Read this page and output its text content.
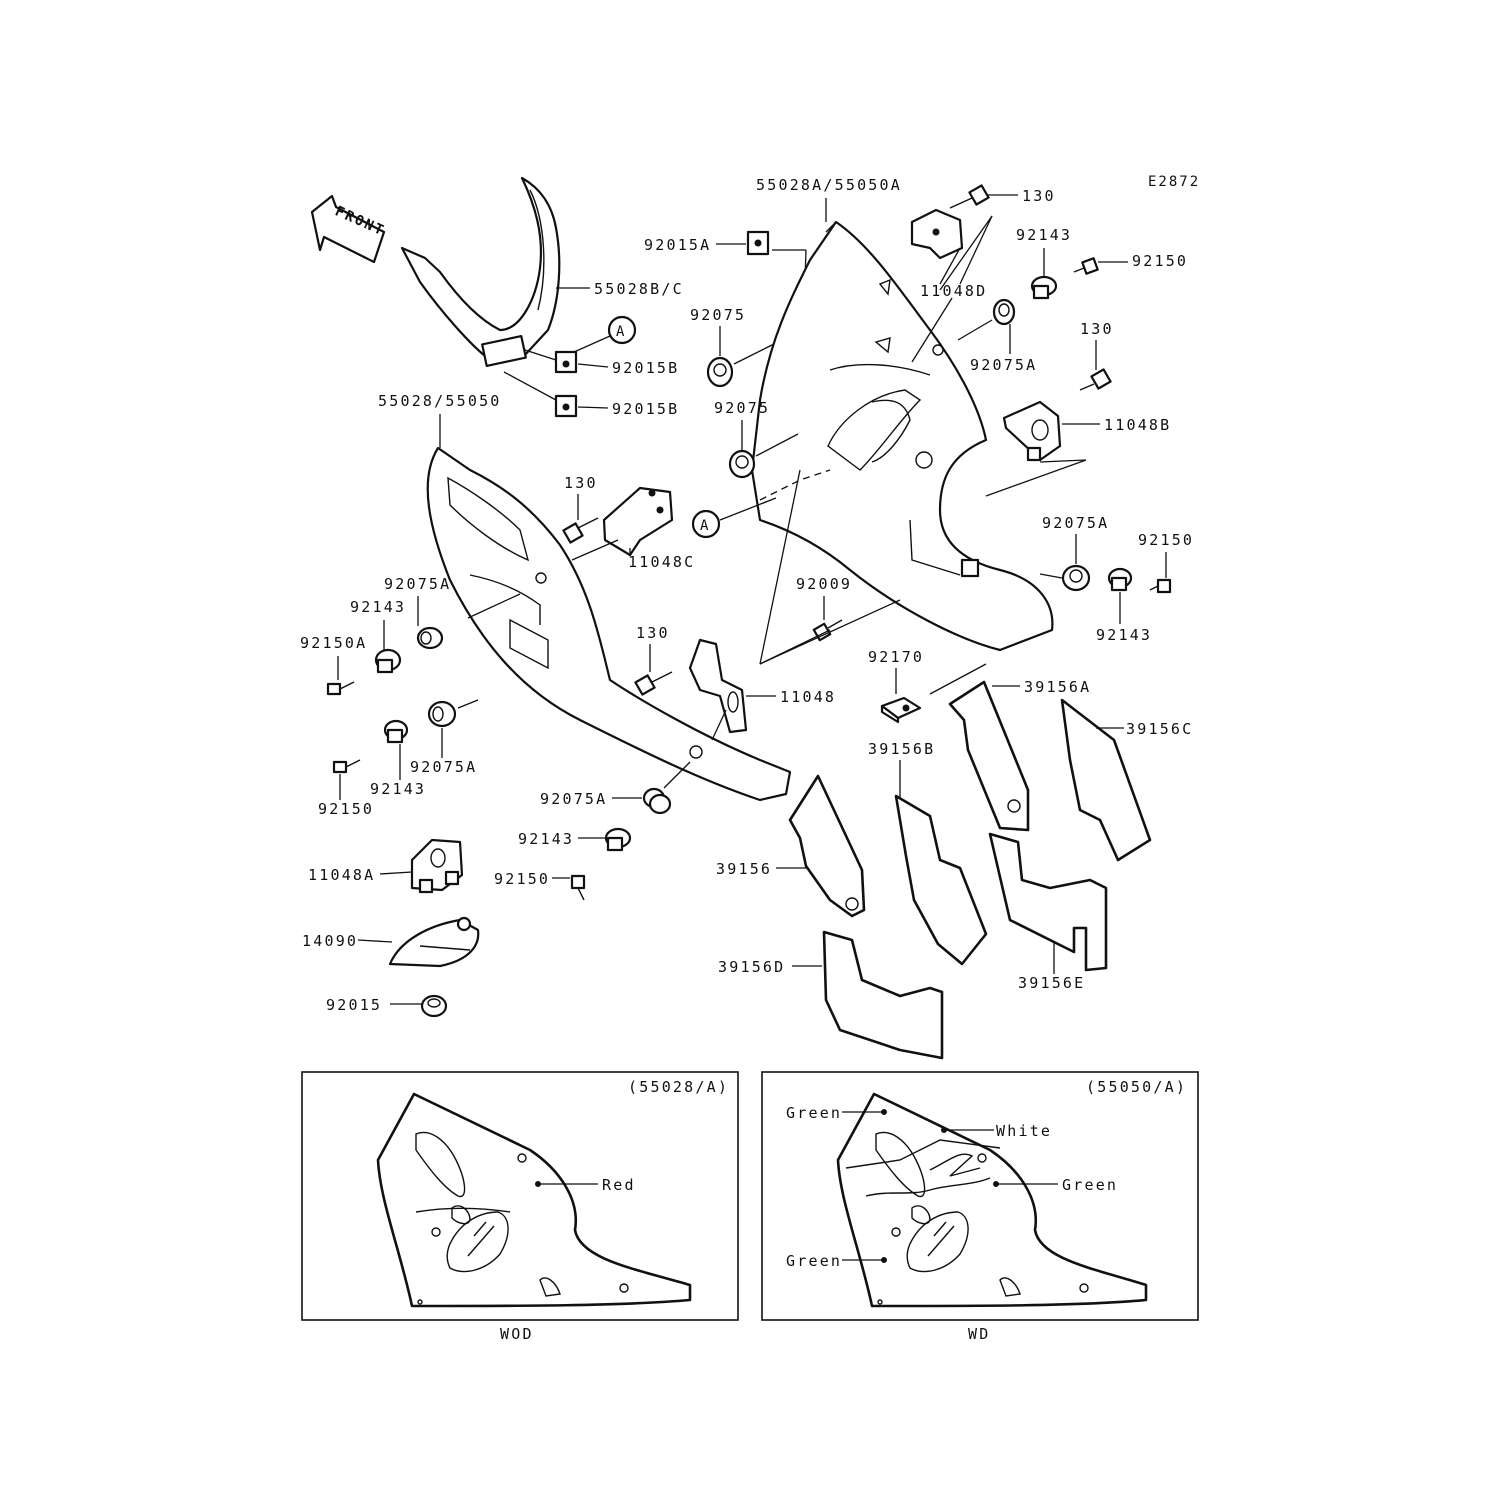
E2872
FRONT
55028B/C
92015B
92015B
A
55028/55050
130
11048C
92075A
92143
92150A
92075A
92143
92150
11048A
14090
92015
130
11048
92075A
92143
92150
55028A/55050A
92015A
92075
92075
A
92009
130
11048D
92143
92150
92075A
130
11048B
92075A
92143
92150
92170
39156A
39156C
39156B
39156
39156E
39156D
(55028/A)
Red
WOD
(55050/A)
Green
White
Green
Green
WD
